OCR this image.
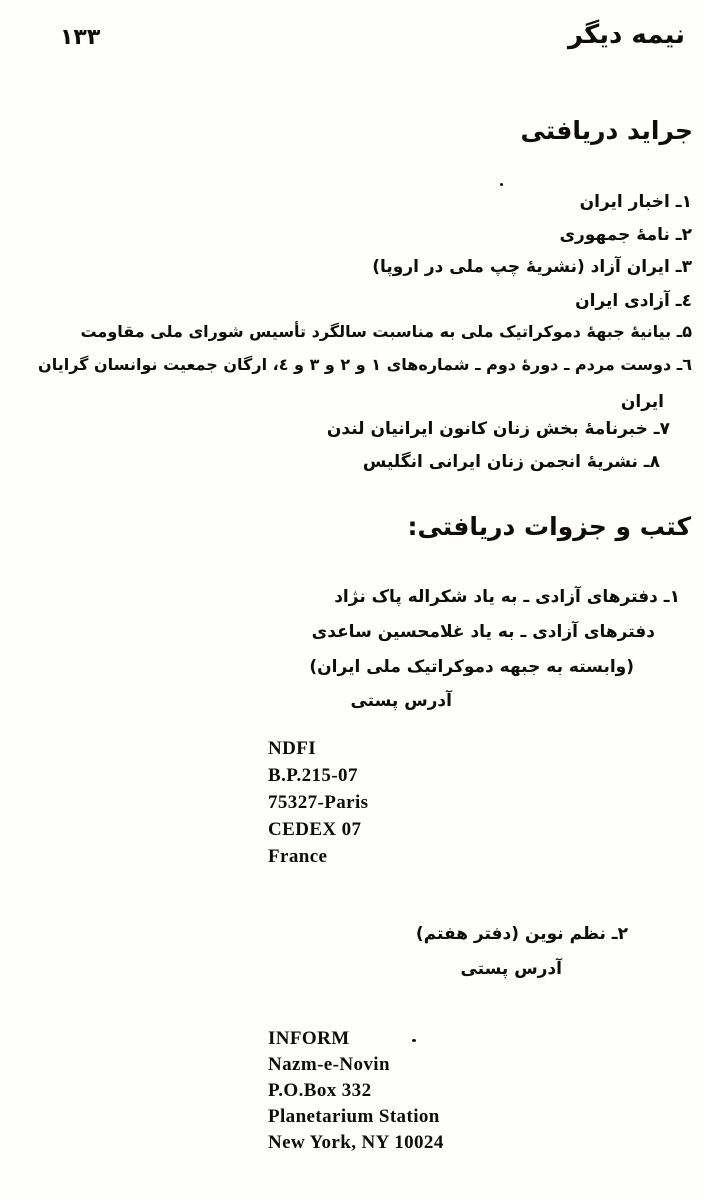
۱۳۳	نیمه دیگر
جراید دریافتی
۱ـ اخبار ایران
۲ـ نامهٔ جمهوری
۳ـ ایران آزاد (نشریهٔ چپ ملی در اروپا)
٤ـ آزادی ایران
۵ـ بیانیهٔ جبههٔ دموکراتیک ملی به مناسبت سالگرد تأسیس شورای ملی مقاومت
٦ـ دوست مردم ـ دورهٔ دوم ـ شماره‌های ۱ و ۲ و ۳ و ٤، ارگان جمعیت نوانسان گرایان
ایران
۷ـ خبرنامهٔ بخش زنان کانون ایرانیان لندن
۸ـ نشریهٔ انجمن زنان ایرانی انگلیس
کتب و جزوات دریافتی:
۱ـ دفترهای آزادی ـ به یاد شکراله پاک نژاد
دفترهای آزادی ـ به یاد غلامحسین ساعدی
(وابسته به جبهه دموکراتیک ملی ایران)
آدرس پستی
NDFI
B.P.215-07
75327-Paris
CEDEX 07
France
۲ـ نظم نوین (دفتر هفتم)
آدرس پستی
INFORM
Nazm-e-Novin
P.O.Box 332
Planetarium Station
New York, NY 10024
